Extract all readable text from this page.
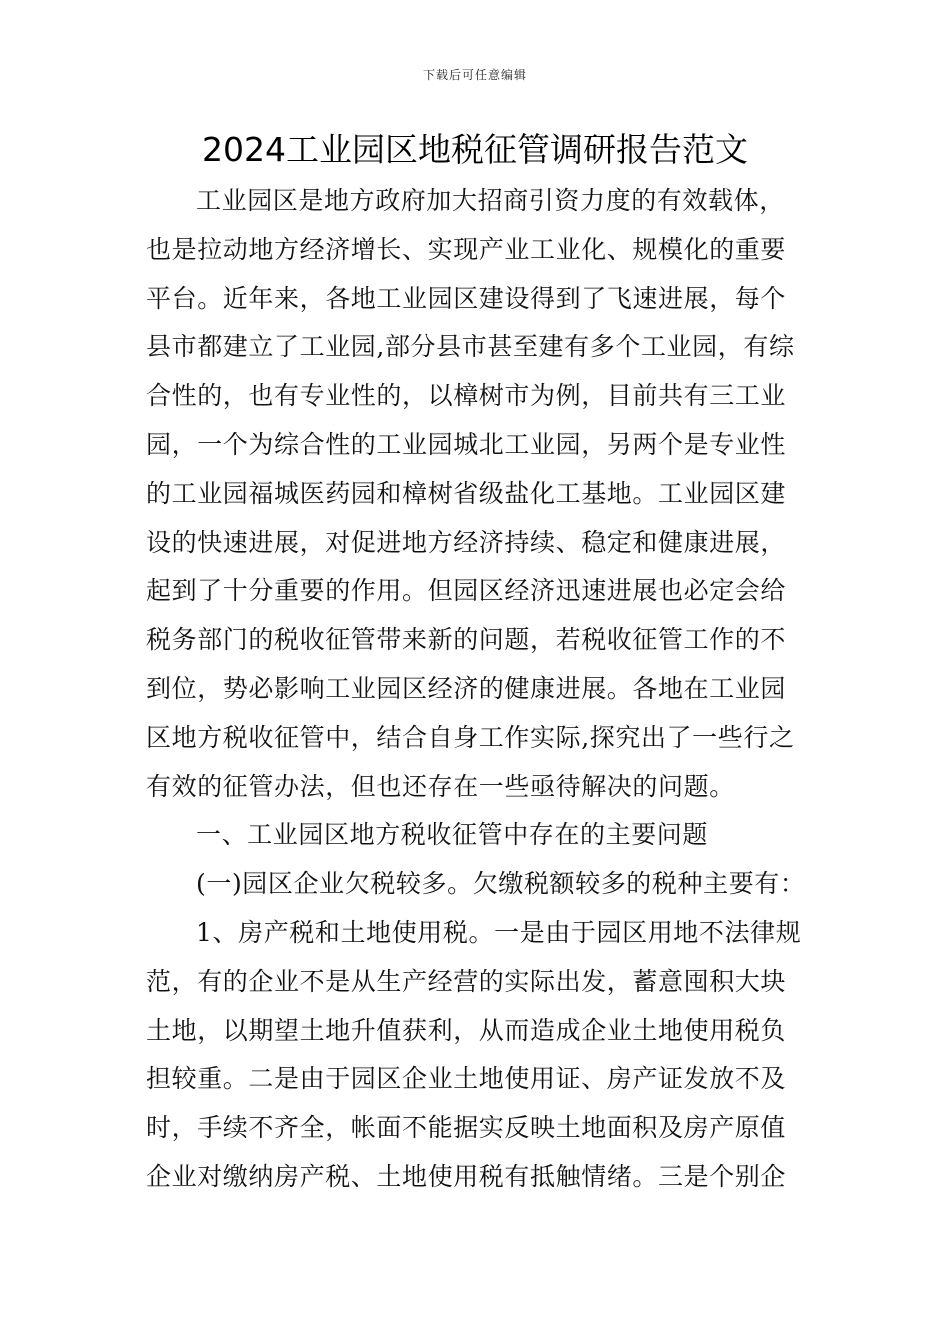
下载后可任意编辑
2024工业园区地税征管调研报告范文
工业园区是地方政府加大招商引资力度的有效载体，
也是拉动地方经济增长、实现产业工业化、规模化的重要
平台。近年来，各地工业园区建设得到了飞速进展，每个
县市都建立了工业园,部分县市甚至建有多个工业园，有综
合性的，也有专业性的，以樟树市为例，目前共有三工业
园，一个为综合性的工业园城北工业园，另两个是专业性
的工业园福城医药园和樟树省级盐化工基地。工业园区建
设的快速进展，对促进地方经济持续、稳定和健康进展，
起到了十分重要的作用。但园区经济迅速进展也必定会给
税务部门的税收征管带来新的问题，若税收征管工作的不
到位，势必影响工业园区经济的健康进展。各地在工业园
区地方税收征管中，结合自身工作实际,探究出了一些行之
有效的征管办法，但也还存在一些亟待解决的问题。
一、工业园区地方税收征管中存在的主要问题
(一)园区企业欠税较多。欠缴税额较多的税种主要有：
1、房产税和土地使用税。一是由于园区用地不法律规
范，有的企业不是从生产经营的实际出发，蓄意囤积大块
土地，以期望土地升值获利，从而造成企业土地使用税负
担较重。二是由于园区企业土地使用证、房产证发放不及
时，手续不齐全，帐面不能据实反映土地面积及房产原值
企业对缴纳房产税、土地使用税有抵触情绪。三是个别企
